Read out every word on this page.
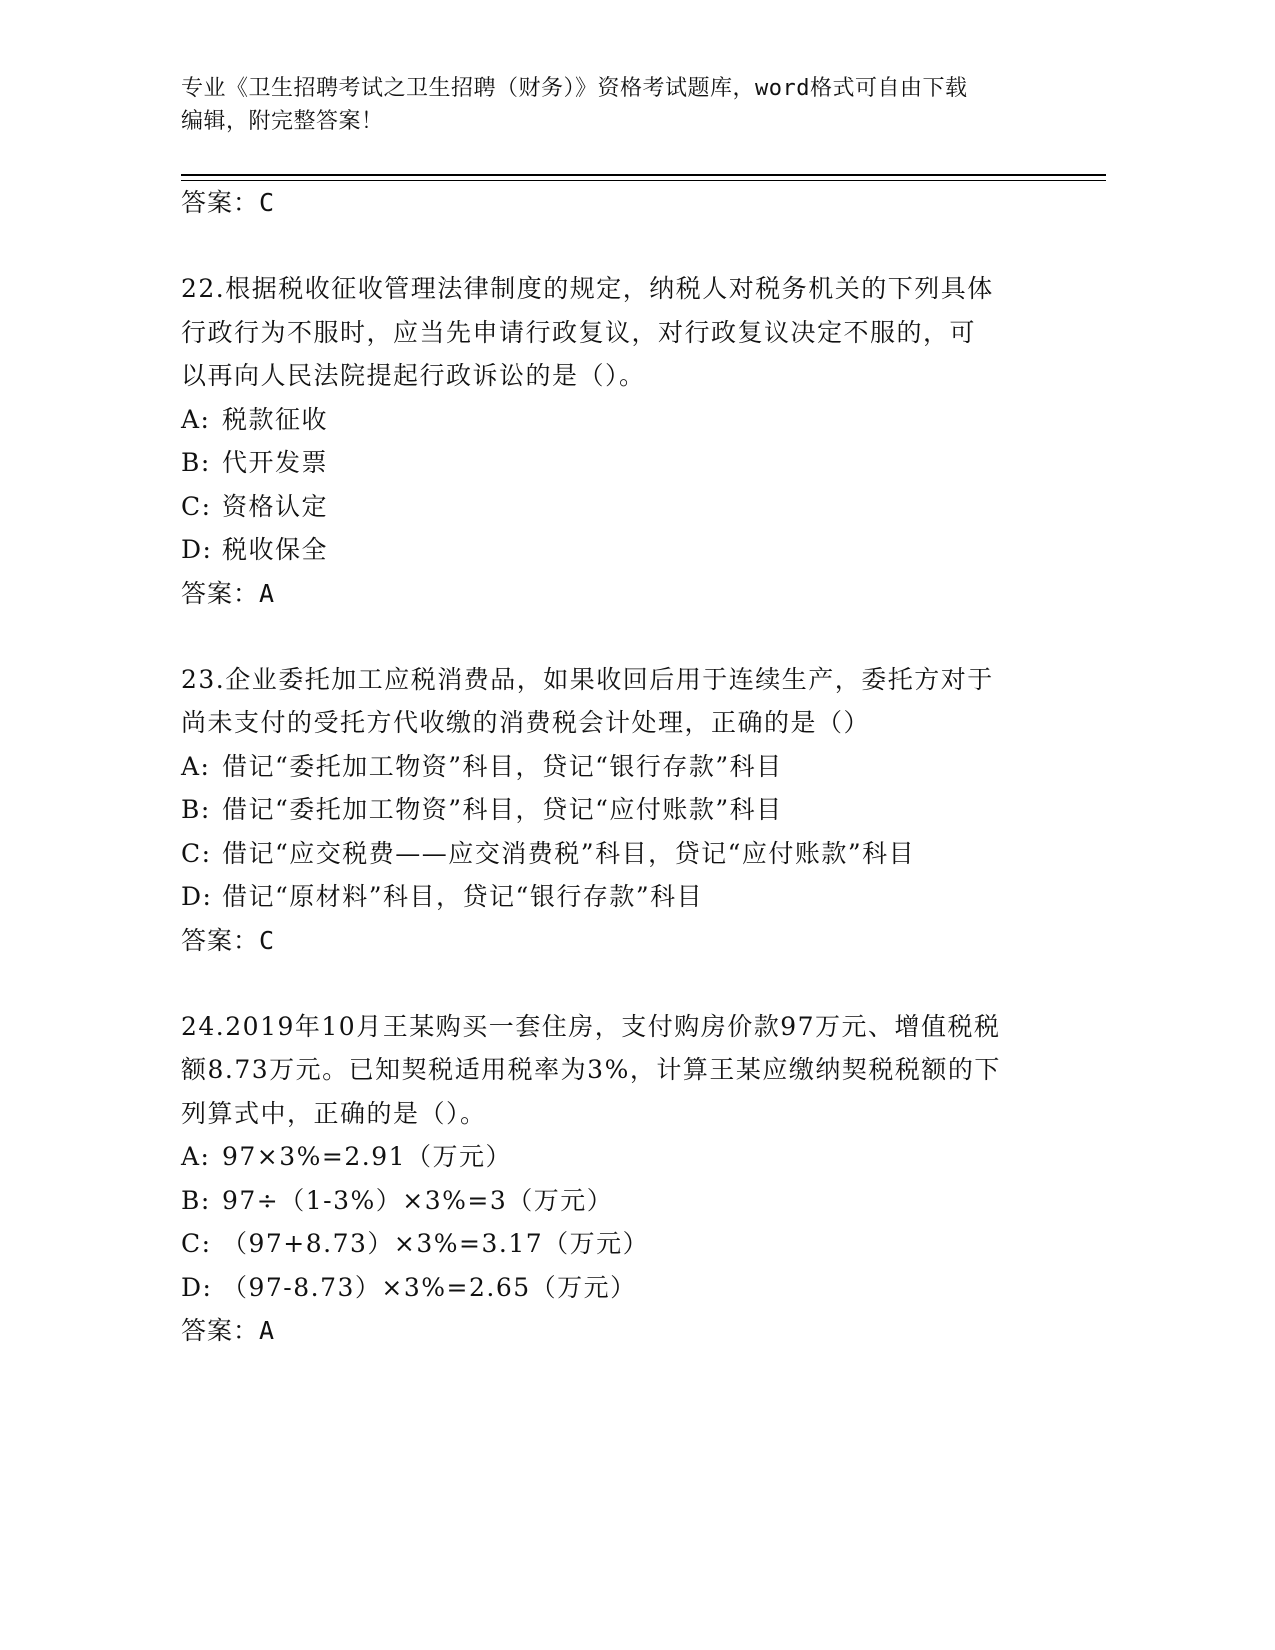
专业《卫生招聘考试之卫生招聘（财务）》资格考试题库，word格式可自由下载
编辑，附完整答案！
答案：C
22.根据税收征收管理法律制度的规定，纳税人对税务机关的下列具体
行政行为不服时，应当先申请行政复议，对行政复议决定不服的，可
以再向人民法院提起行政诉讼的是（）。
A: 税款征收
B: 代开发票
C: 资格认定
D: 税收保全
答案：A
23.企业委托加工应税消费品，如果收回后用于连续生产，委托方对于
尚未支付的受托方代收缴的消费税会计处理，正确的是（）
A: 借记“委托加工物资”科目，贷记“银行存款”科目
B: 借记“委托加工物资”科目，贷记“应付账款”科目
C: 借记“应交税费——应交消费税”科目，贷记“应付账款”科目
D: 借记“原材料”科目，贷记“银行存款”科目
答案：C
24.2019年10月王某购买一套住房，支付购房价款97万元、增值税税
额8.73万元。已知契税适用税率为3%，计算王某应缴纳契税税额的下
列算式中，正确的是（）。
A: 97×3%=2.91（万元）
B: 97÷（1-3%）×3%=3（万元）
C: （97+8.73）×3%=3.17（万元）
D: （97-8.73）×3%=2.65（万元）
答案：A
